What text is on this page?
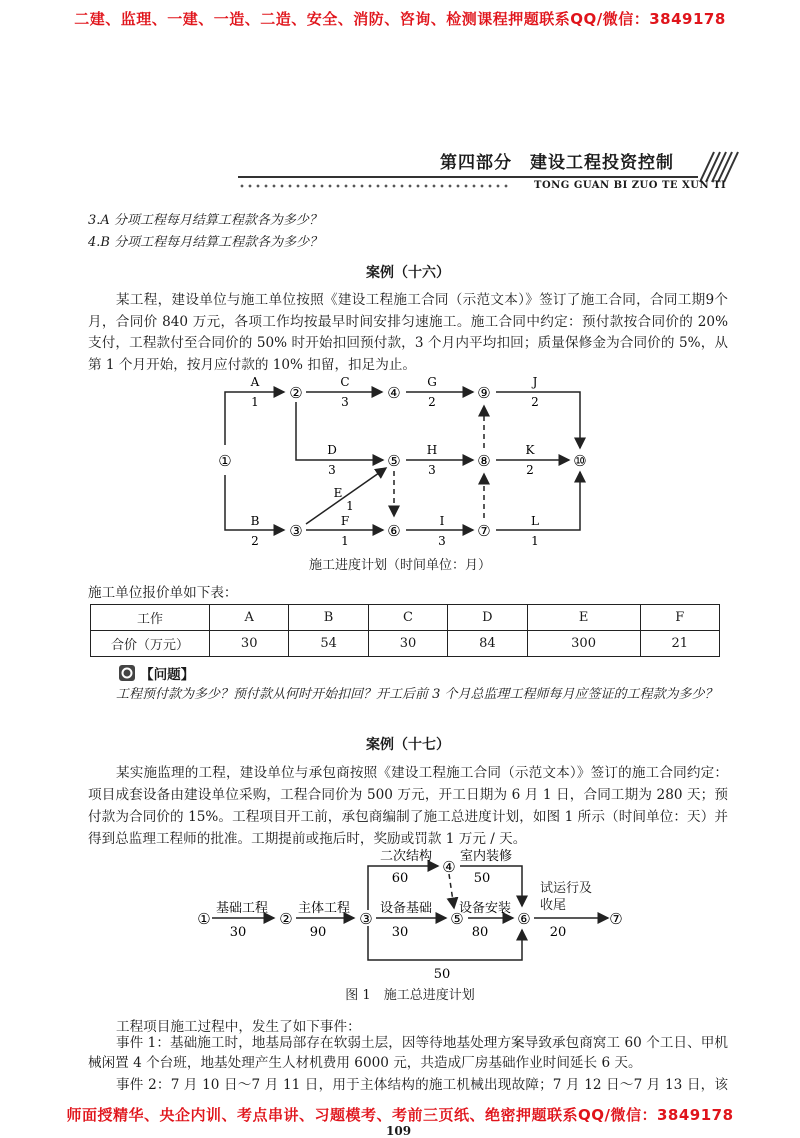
二建、监理、一建、一造、二造、安全、消防、咨询、检测课程押题联系QQ/微信：3849178
第四部分　建设工程投资控制
TONG GUAN BI ZUO TE XUN TI
3.A 分项工程每月结算工程款各为多少？
4.B 分项工程每月结算工程款各为多少？
案例（十六）
某工程，建设单位与施工单位按照《建设工程施工合同（示范文本）》签订了施工合同，合同工期9个月，合同价 840 万元，各项工作均按最早时间安排匀速施工。施工合同中约定：预付款按合同价的 20% 支付，工程款付至合同价的 50% 时开始扣回预付款，3 个月内平均扣回；质量保修金为合同价的 5%，从第 1 个月开始，按月应付款的 10% 扣留，扣足为止。
①
②
③
④
⑤
⑥	⑦
⑧
⑨
⑩
A
1
B
2
C
3
D
3
E
1
F
1
G
2
H
3
I
3
J
2
K
2
L
1
施工进度计划（时间单位：月）
施工单位报价单如下表：
工作	A	B	C	D	E	F
合价（万元）	30	54	30	84	300	21
【问题】
工程预付款为多少？预付款从何时开始扣回？开工后前 3 个月总监理工程师每月应签证的工程款为多少？
案例（十七）
某实施监理的工程，建设单位与承包商按照《建设工程施工合同（示范文本）》签订的施工合同约定：项目成套设备由建设单位采购，工程合同价为 500 万元，开工日期为 6 月 1 日，合同工期为 280 天；预付款为合同价的 15%。工程项目开工前，承包商编制了施工总进度计划，如图 1 所示（时间单位：天）并得到总监理工程师的批准。工期提前或拖后时，奖励或罚款 1 万元 / 天。
①	②	③
④
⑤	⑥	⑦
基础工程
30
主体工程
90
二次结构
60
室内装修
50
设备基础
30
设备安装
80	20
50
试运行及收尾
图 1　施工总进度计划
工程项目施工过程中，发生了如下事件：
事件 1：基础施工时，地基局部存在软弱土层，因等待地基处理方案导致承包商窝工 60 个工日、甲机械闲置 4 个台班，地基处理产生人材机费用 6000 元，共造成厂房基础作业时间延长 6 天。
事件 2：7 月 10 日～7 月 11 日，用于主体结构的施工机械出现故障；7 月 12 日～7 月 13 日，该
师面授精华、央企内训、考点串讲、习题模考、考前三页纸、绝密押题联系QQ/微信：3849178
109
